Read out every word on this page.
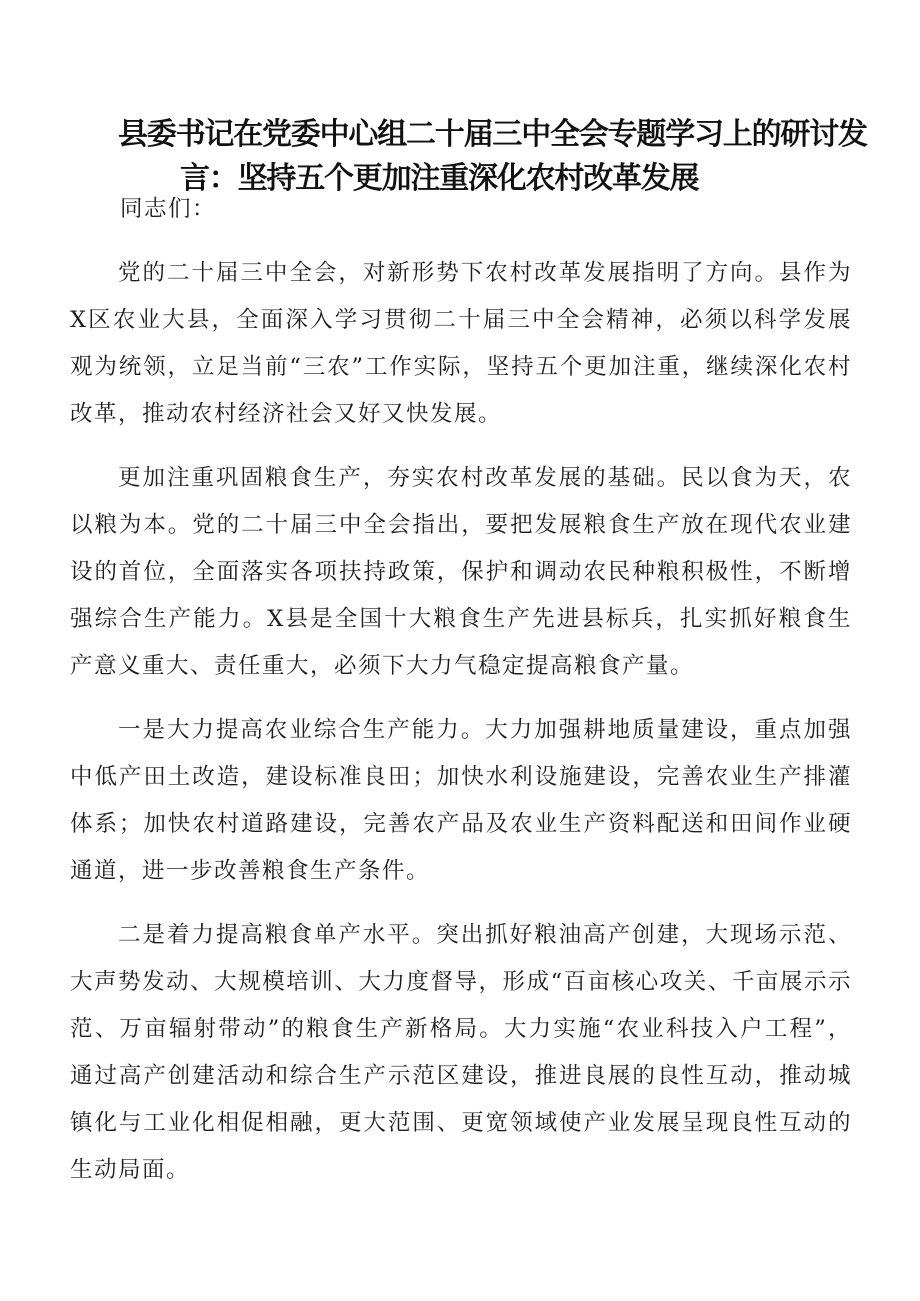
县委书记在党委中心组二十届三中全会专题学习上的研讨发
言：坚持五个更加注重深化农村改革发展

同志们：

党的二十届三中全会，对新形势下农村改革发展指明了方向。县作为X区农业大县，全面深入学习贯彻二十届三中全会精神，必须以科学发展观为统领，立足当前“三农”工作实际，坚持五个更加注重，继续深化农村改革，推动农村经济社会又好又快发展。

更加注重巩固粮食生产，夯实农村改革发展的基础。民以食为天，农以粮为本。党的二十届三中全会指出，要把发展粮食生产放在现代农业建设的首位，全面落实各项扶持政策，保护和调动农民种粮积极性，不断增强综合生产能力。X县是全国十大粮食生产先进县标兵，扎实抓好粮食生产意义重大、责任重大，必须下大力气稳定提高粮食产量。

一是大力提高农业综合生产能力。大力加强耕地质量建设，重点加强中低产田土改造，建设标准良田；加快水利设施建设，完善农业生产排灌体系；加快农村道路建设，完善农产品及农业生产资料配送和田间作业硬通道，进一步改善粮食生产条件。

二是着力提高粮食单产水平。突出抓好粮油高产创建，大现场示范、大声势发动、大规模培训、大力度督导，形成“百亩核心攻关、千亩展示示范、万亩辐射带动”的粮食生产新格局。大力实施“农业科技入户工程”，通过高产创建活动和综合生产示范区建设，推进良展的良性互动，推动城镇化与工业化相促相融，更大范围、更宽领域使产业发展呈现良性互动的生动局面。
